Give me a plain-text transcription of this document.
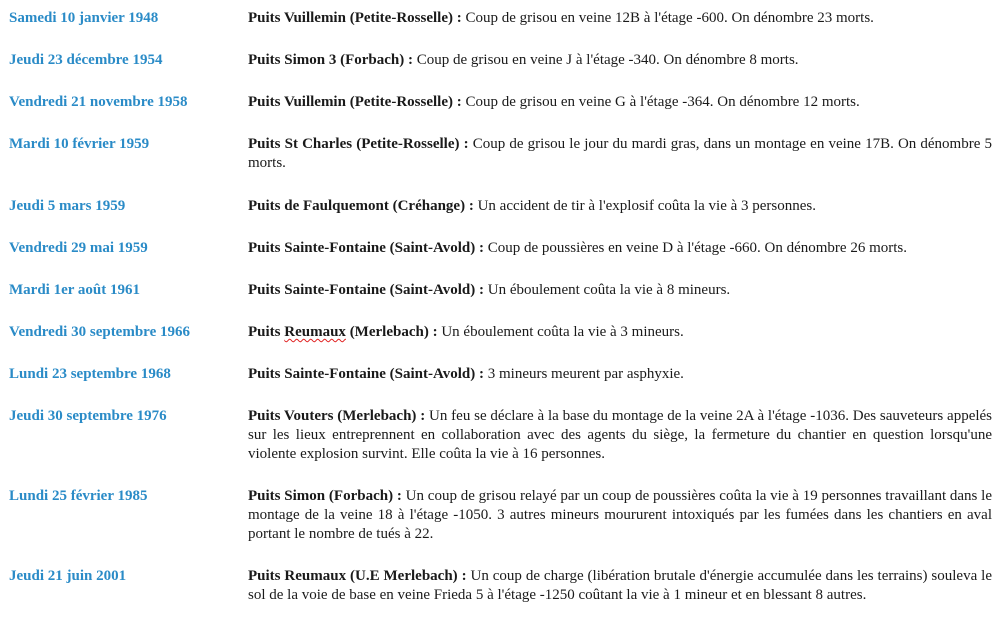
Samedi 10 janvier 1948	Puits Vuillemin (Petite-Rosselle) : Coup de grisou en veine 12B à l'étage -600. On dénombre 23 morts.
Jeudi 23 décembre 1954	Puits Simon 3 (Forbach) : Coup de grisou en veine J à l'étage -340. On dénombre 8 morts.
Vendredi 21 novembre 1958	Puits Vuillemin (Petite-Rosselle) : Coup de grisou en veine G à l'étage -364. On dénombre 12 morts.
Mardi 10 février 1959	Puits St Charles (Petite-Rosselle) : Coup de grisou le jour du mardi gras, dans un montage en veine 17B. On dénombre 5 morts.
Jeudi 5 mars 1959	Puits de Faulquemont (Créhange) : Un accident de tir à l'explosif coûta la vie à 3 personnes.
Vendredi 29 mai 1959	Puits Sainte-Fontaine (Saint-Avold) : Coup de poussières en veine D à l'étage -660. On dénombre 26 morts.
Mardi 1er août 1961	Puits Sainte-Fontaine (Saint-Avold) : Un éboulement coûta la vie à 8 mineurs.
Vendredi 30 septembre 1966	Puits Reumaux (Merlebach) : Un éboulement coûta la vie à 3 mineurs.
Lundi 23 septembre 1968	Puits Sainte-Fontaine (Saint-Avold) : 3 mineurs meurent par asphyxie.
Jeudi 30 septembre 1976	Puits Vouters (Merlebach) : Un feu se déclare à la base du montage de la veine 2A à l'étage -1036. Des sauveteurs appelés sur les lieux entreprennent en collaboration avec des agents du siège, la fermeture du chantier en question lorsqu'une violente explosion survint. Elle coûta la vie à 16 personnes.
Lundi 25 février 1985	Puits Simon (Forbach) : Un coup de grisou relayé par un coup de poussières coûta la vie à 19 personnes travaillant dans le montage de la veine 18 à l'étage -1050. 3 autres mineurs moururent intoxiqués par les fumées dans les chantiers en aval portant le nombre de tués à 22.
Jeudi 21 juin 2001	Puits Reumaux (U.E Merlebach) : Un coup de charge (libération brutale d'énergie accumulée dans les terrains) souleva le sol de la voie de base en veine Frieda 5 à l'étage -1250 coûtant la vie à 1 mineur et en blessant 8 autres.
